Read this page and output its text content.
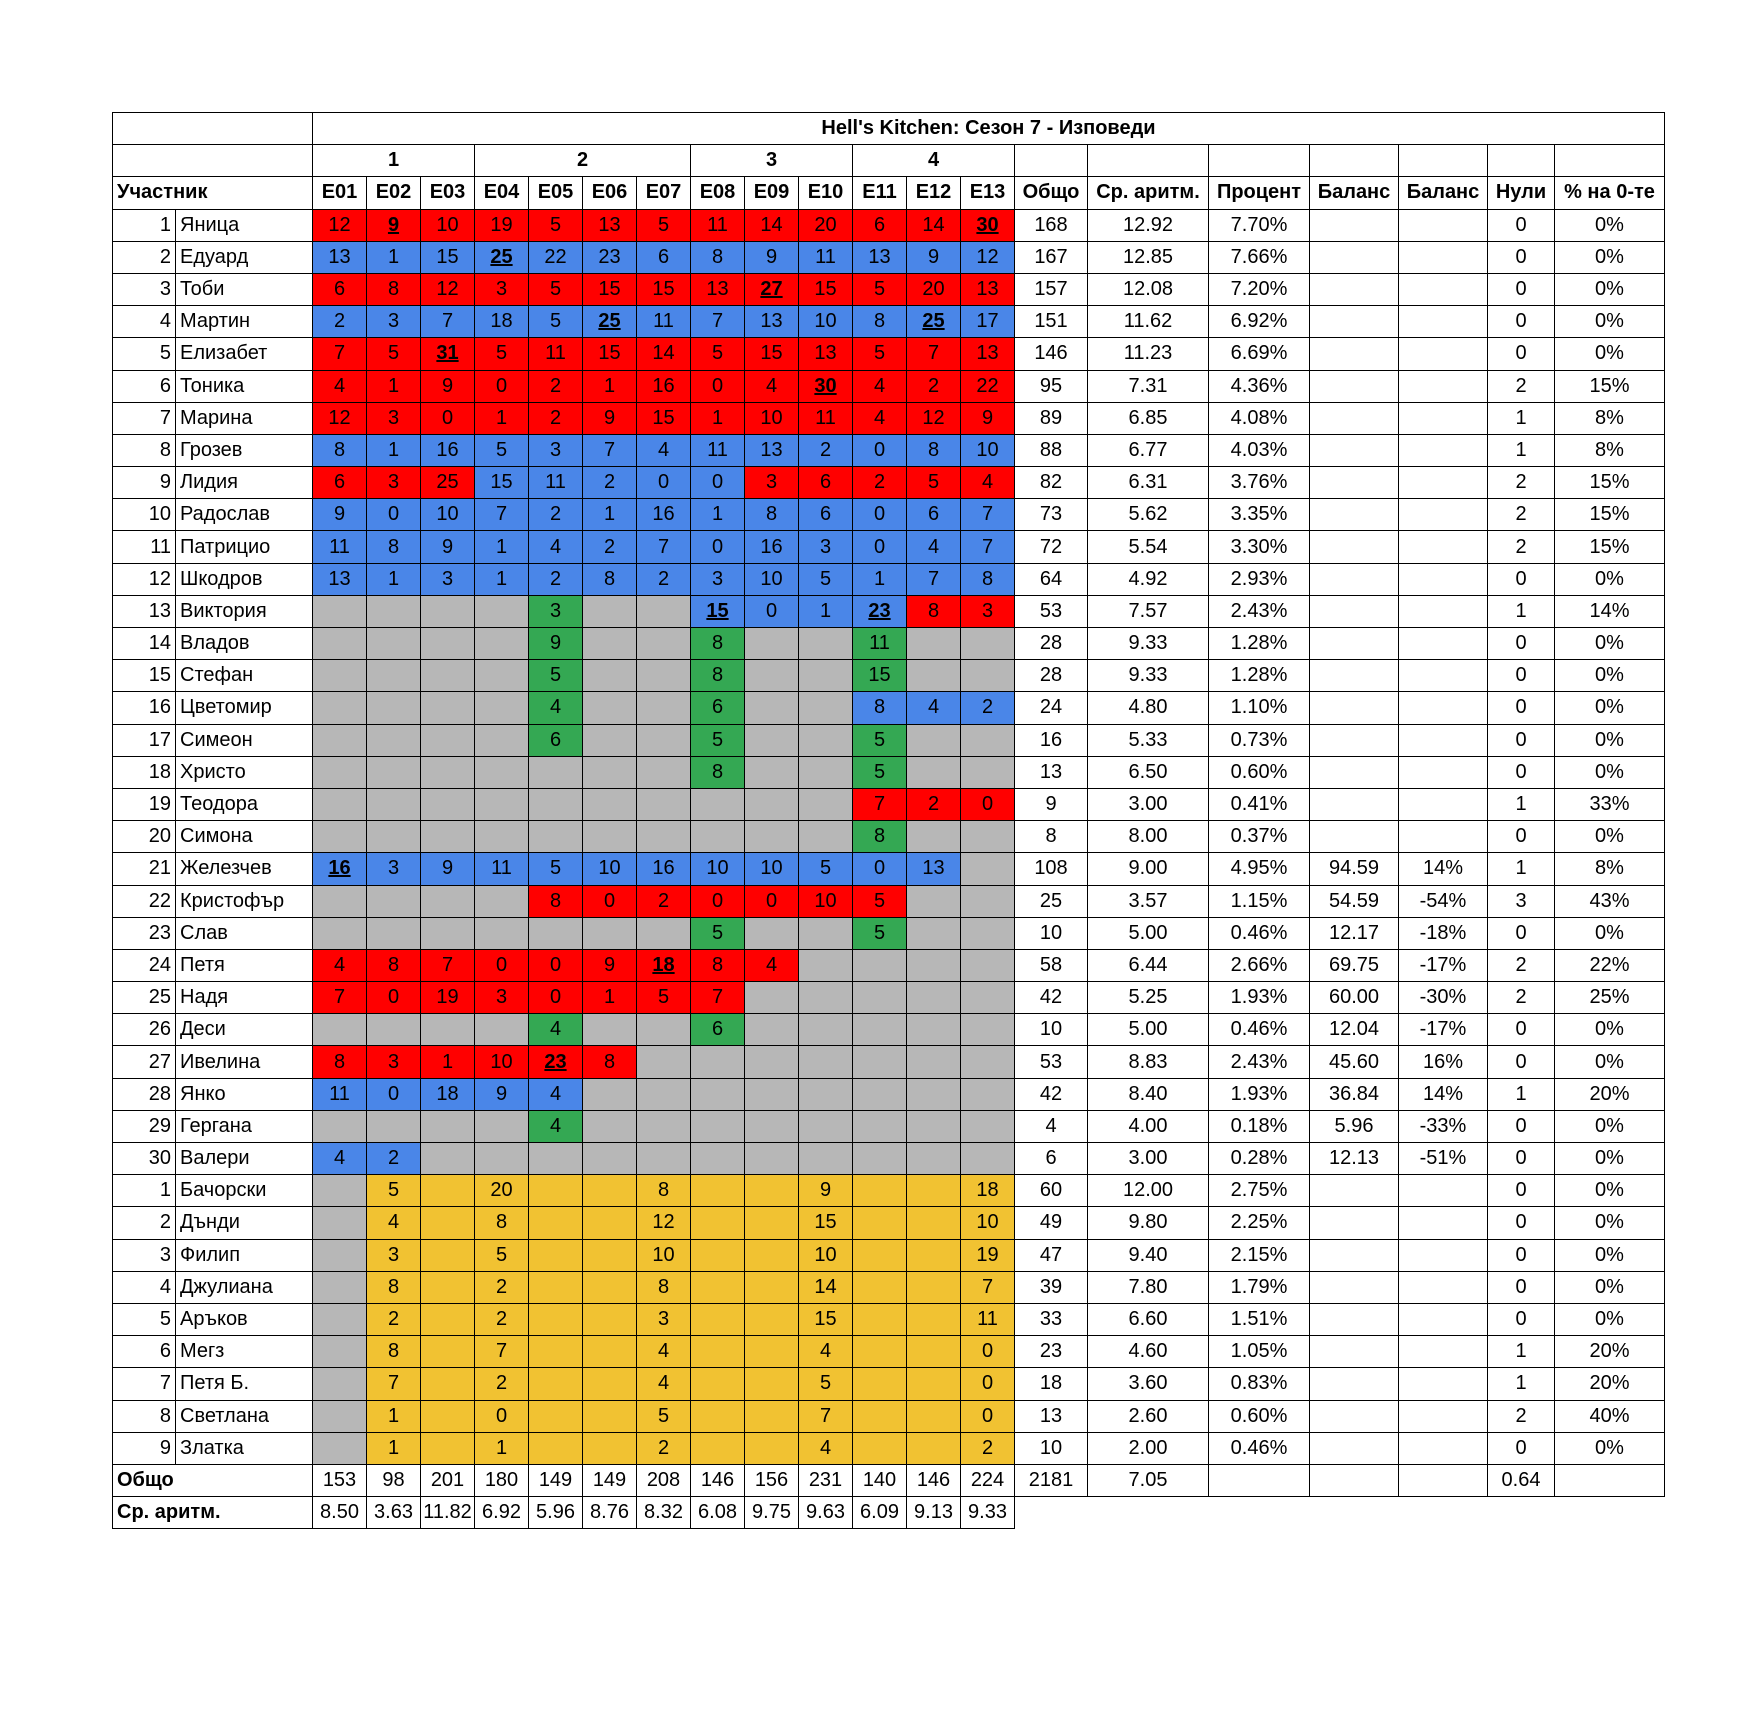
		Hell's Kitchen: Сезон 7 - Изповеди																			
		1			2				3			4									
Участник		E01	E02	E03	E04	E05	E06	E07	E08	E09	E10	E11	E12	E13	Общо	Ср. аритм.	Процент	Баланс	Баланс	Нули	% на 0-те
1	Яница	12	9	10	19	5	13	5	11	14	20	6	14	30	168	12.92	7.70%			0	0%
2	Едуард	13	1	15	25	22	23	6	8	9	11	13	9	12	167	12.85	7.66%			0	0%
3	Тоби	6	8	12	3	5	15	15	13	27	15	5	20	13	157	12.08	7.20%			0	0%
4	Мартин	2	3	7	18	5	25	11	7	13	10	8	25	17	151	11.62	6.92%			0	0%
5	Елизабет	7	5	31	5	11	15	14	5	15	13	5	7	13	146	11.23	6.69%			0	0%
6	Тоника	4	1	9	0	2	1	16	0	4	30	4	2	22	95	7.31	4.36%			2	15%
7	Марина	12	3	0	1	2	9	15	1	10	11	4	12	9	89	6.85	4.08%			1	8%
8	Грозев	8	1	16	5	3	7	4	11	13	2	0	8	10	88	6.77	4.03%			1	8%
9	Лидия	6	3	25	15	11	2	0	0	3	6	2	5	4	82	6.31	3.76%			2	15%
10	Радослав	9	0	10	7	2	1	16	1	8	6	0	6	7	73	5.62	3.35%			2	15%
11	Патрицио	11	8	9	1	4	2	7	0	16	3	0	4	7	72	5.54	3.30%			2	15%
12	Шкодров	13	1	3	1	2	8	2	3	10	5	1	7	8	64	4.92	2.93%			0	0%
13	Виктория					3			15	0	1	23	8	3	53	7.57	2.43%			1	14%
14	Владов					9			8			11			28	9.33	1.28%			0	0%
15	Стефан					5			8			15			28	9.33	1.28%			0	0%
16	Цветомир					4			6			8	4	2	24	4.80	1.10%			0	0%
17	Симеон					6			5			5			16	5.33	0.73%			0	0%
18	Христо								8			5			13	6.50	0.60%			0	0%
19	Теодора											7	2	0	9	3.00	0.41%			1	33%
20	Симона											8			8	8.00	0.37%			0	0%
21	Железчев	16	3	9	11	5	10	16	10	10	5	0	13		108	9.00	4.95%	94.59	14%	1	8%
22	Кристофър					8	0	2	0	0	10	5			25	3.57	1.15%	54.59	-54%	3	43%
23	Слав								5			5			10	5.00	0.46%	12.17	-18%	0	0%
24	Петя	4	8	7	0	0	9	18	8	4					58	6.44	2.66%	69.75	-17%	2	22%
25	Надя	7	0	19	3	0	1	5	7						42	5.25	1.93%	60.00	-30%	2	25%
26	Деси					4			6						10	5.00	0.46%	12.04	-17%	0	0%
27	Ивелина	8	3	1	10	23	8								53	8.83	2.43%	45.60	16%	0	0%
28	Янко	11	0	18	9	4									42	8.40	1.93%	36.84	14%	1	20%
29	Гергана					4									4	4.00	0.18%	5.96	-33%	0	0%
30	Валери	4	2												6	3.00	0.28%	12.13	-51%	0	0%
1	Бачорски		5		20			8			9			18	60	12.00	2.75%			0	0%
2	Дънди		4		8			12			15			10	49	9.80	2.25%			0	0%
3	Филип		3		5			10			10			19	47	9.40	2.15%			0	0%
4	Джулиана		8		2			8			14			7	39	7.80	1.79%			0	0%
5	Аръков		2		2			3			15			11	33	6.60	1.51%			0	0%
6	Мегз		8		7			4			4			0	23	4.60	1.05%			1	20%
7	Петя Б.		7		2			4			5			0	18	3.60	0.83%			1	20%
8	Светлана		1		0			5			7			0	13	2.60	0.60%			2	40%
9	Златка		1		1			2			4			2	10	2.00	0.46%			0	0%
Общо		153	98	201	180	149	149	208	146	156	231	140	146	224	2181	7.05				0.64	
Ср. аритм.		8.50	3.63	11.82	6.92	5.96	8.76	8.32	6.08	9.75	9.63	6.09	9.13	9.33							
